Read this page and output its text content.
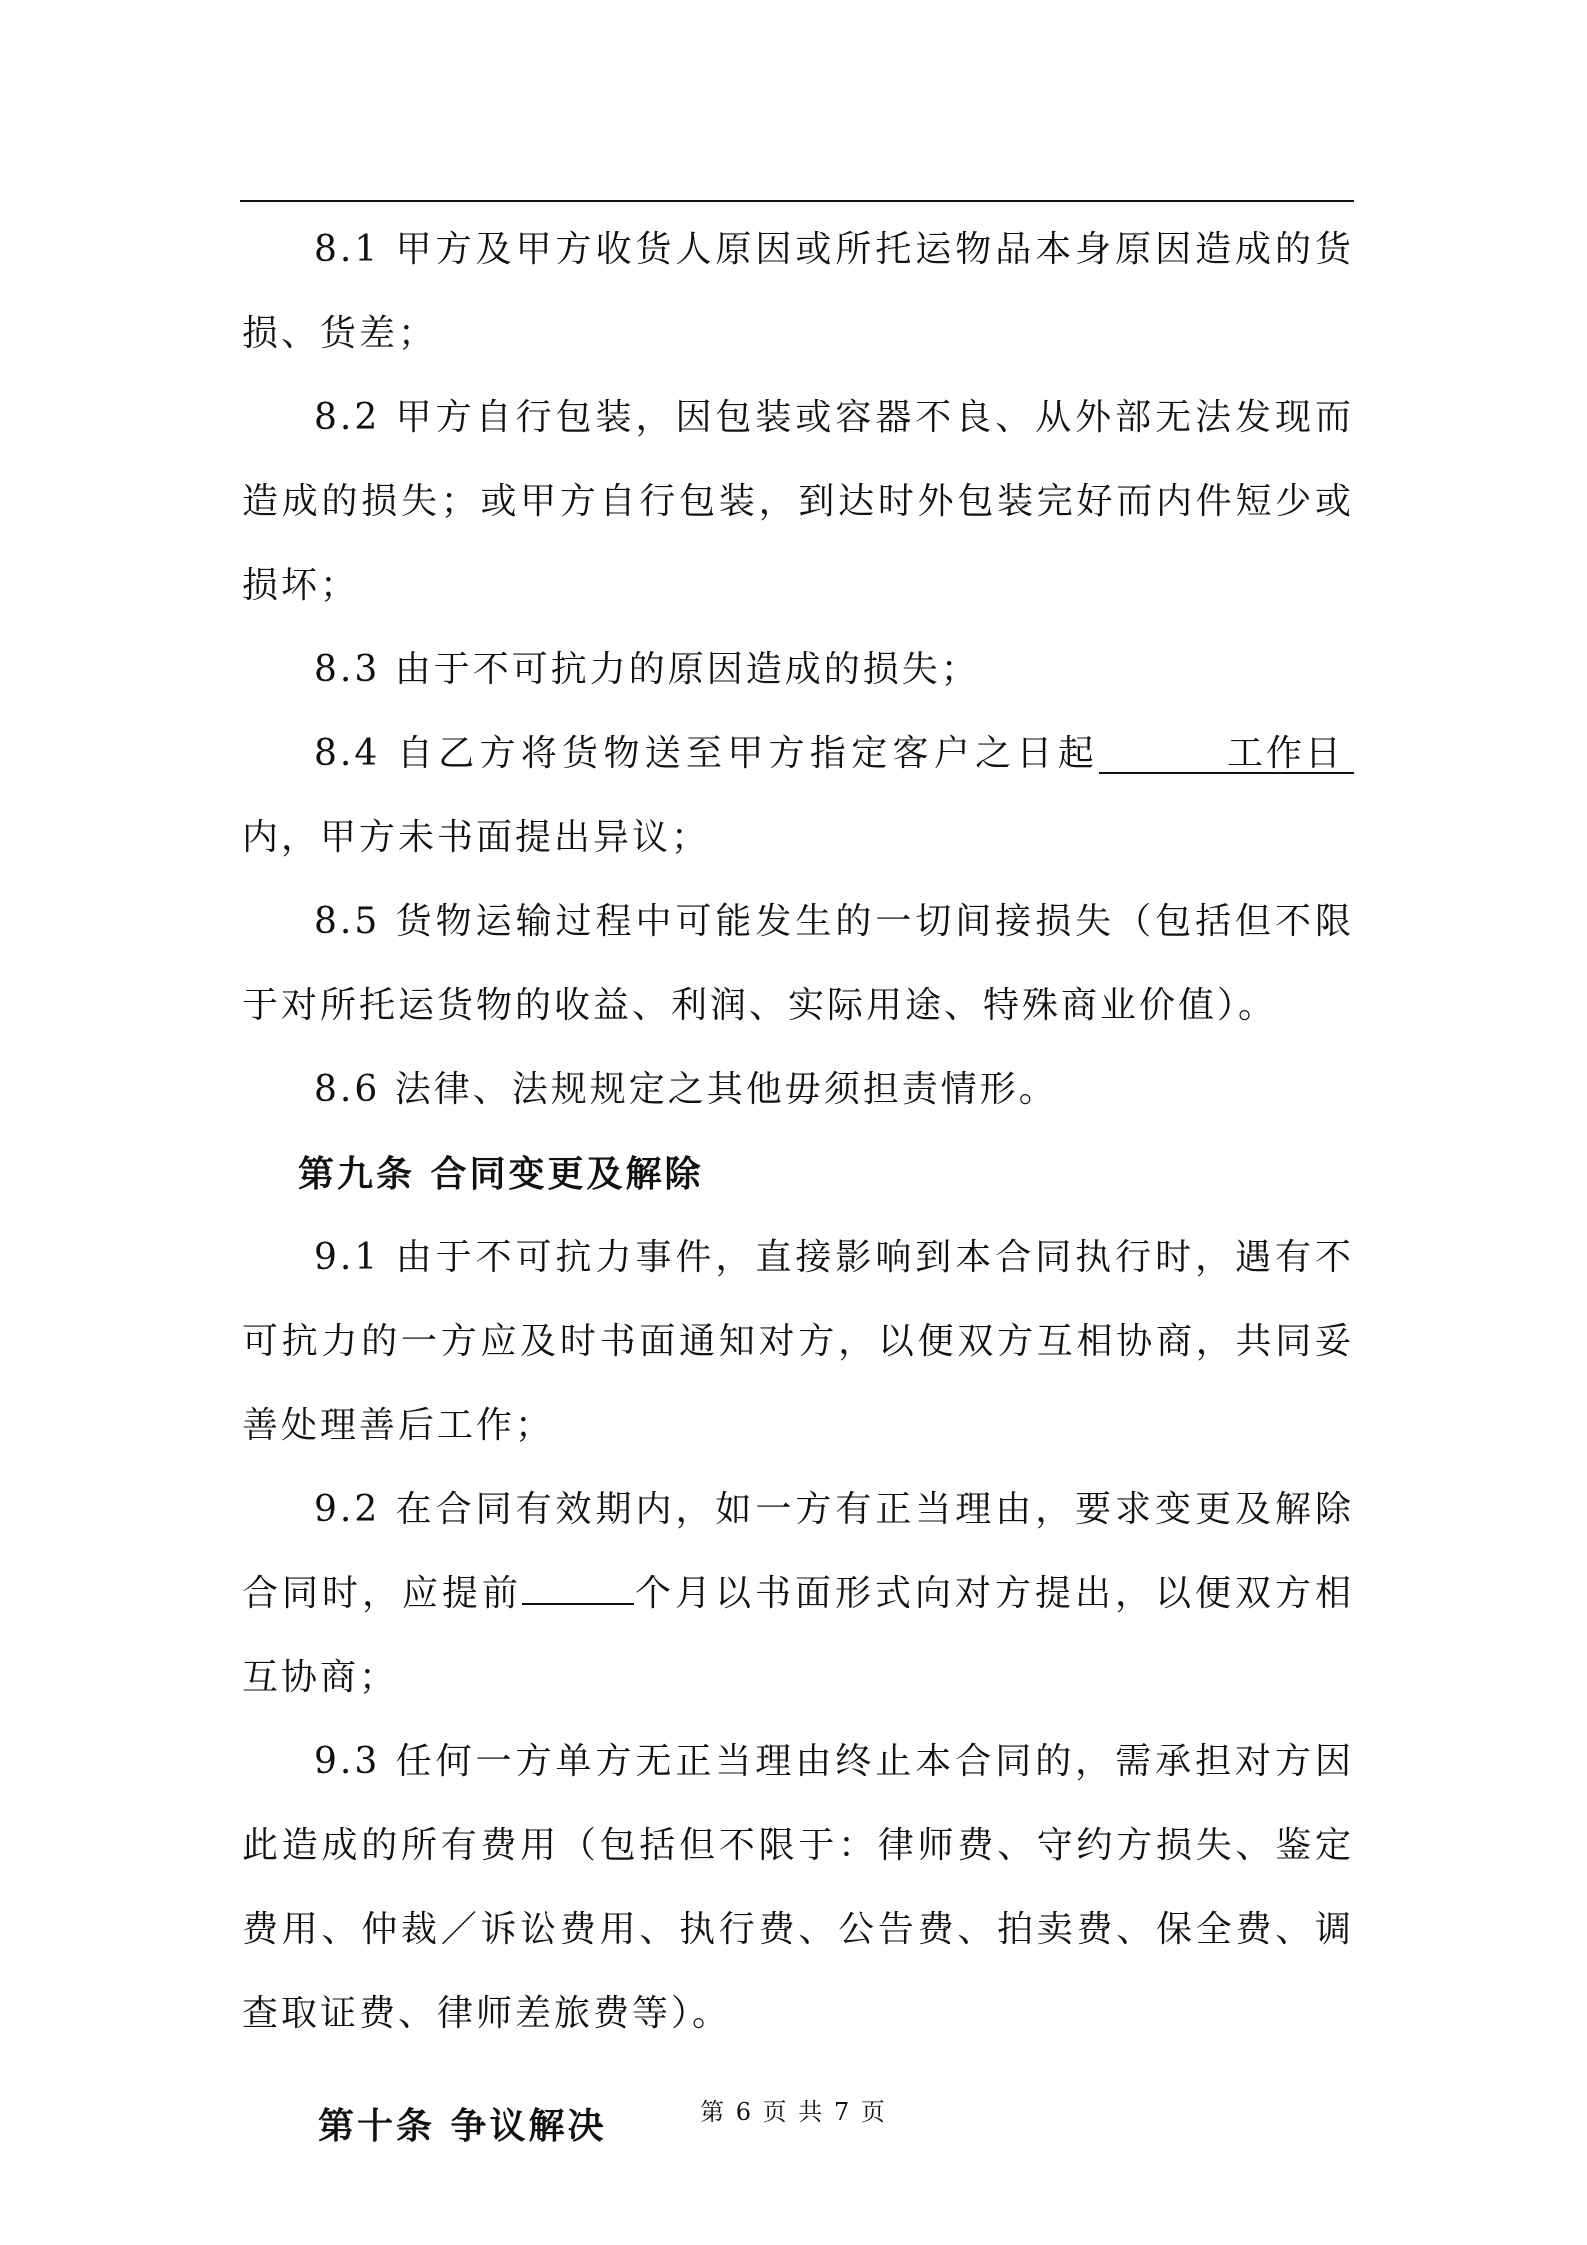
8.1 甲方及甲方收货人原因或所托运物品本身原因造成的货损、货差；

8.2 甲方自行包装，因包装或容器不良、从外部无法发现而造成的损失；或甲方自行包装，到达时外包装完好而内件短少或损坏；

8.3 由于不可抗力的原因造成的损失；

8.4 自乙方将货物送至甲方指定客户之日起	工作日内，甲方未书面提出异议；

8.5 货物运输过程中可能发生的一切间接损失（包括但不限于对所托运货物的收益、利润、实际用途、特殊商业价值）。

8.6 法律、法规规定之其他毋须担责情形。

第九条 合同变更及解除

9.1 由于不可抗力事件，直接影响到本合同执行时，遇有不可抗力的一方应及时书面通知对方，以便双方互相协商，共同妥善处理善后工作；

9.2 在合同有效期内，如一方有正当理由，要求变更及解除合同时，应提前	个月以书面形式向对方提出，以便双方相互协商；

9.3 任何一方单方无正当理由终止本合同的，需承担对方因此造成的所有费用（包括但不限于：律师费、守约方损失、鉴定费用、仲裁／诉讼费用、执行费、公告费、拍卖费、保全费、调查取证费、律师差旅费等）。

第十条 争议解决	第 6 页 共 7 页
